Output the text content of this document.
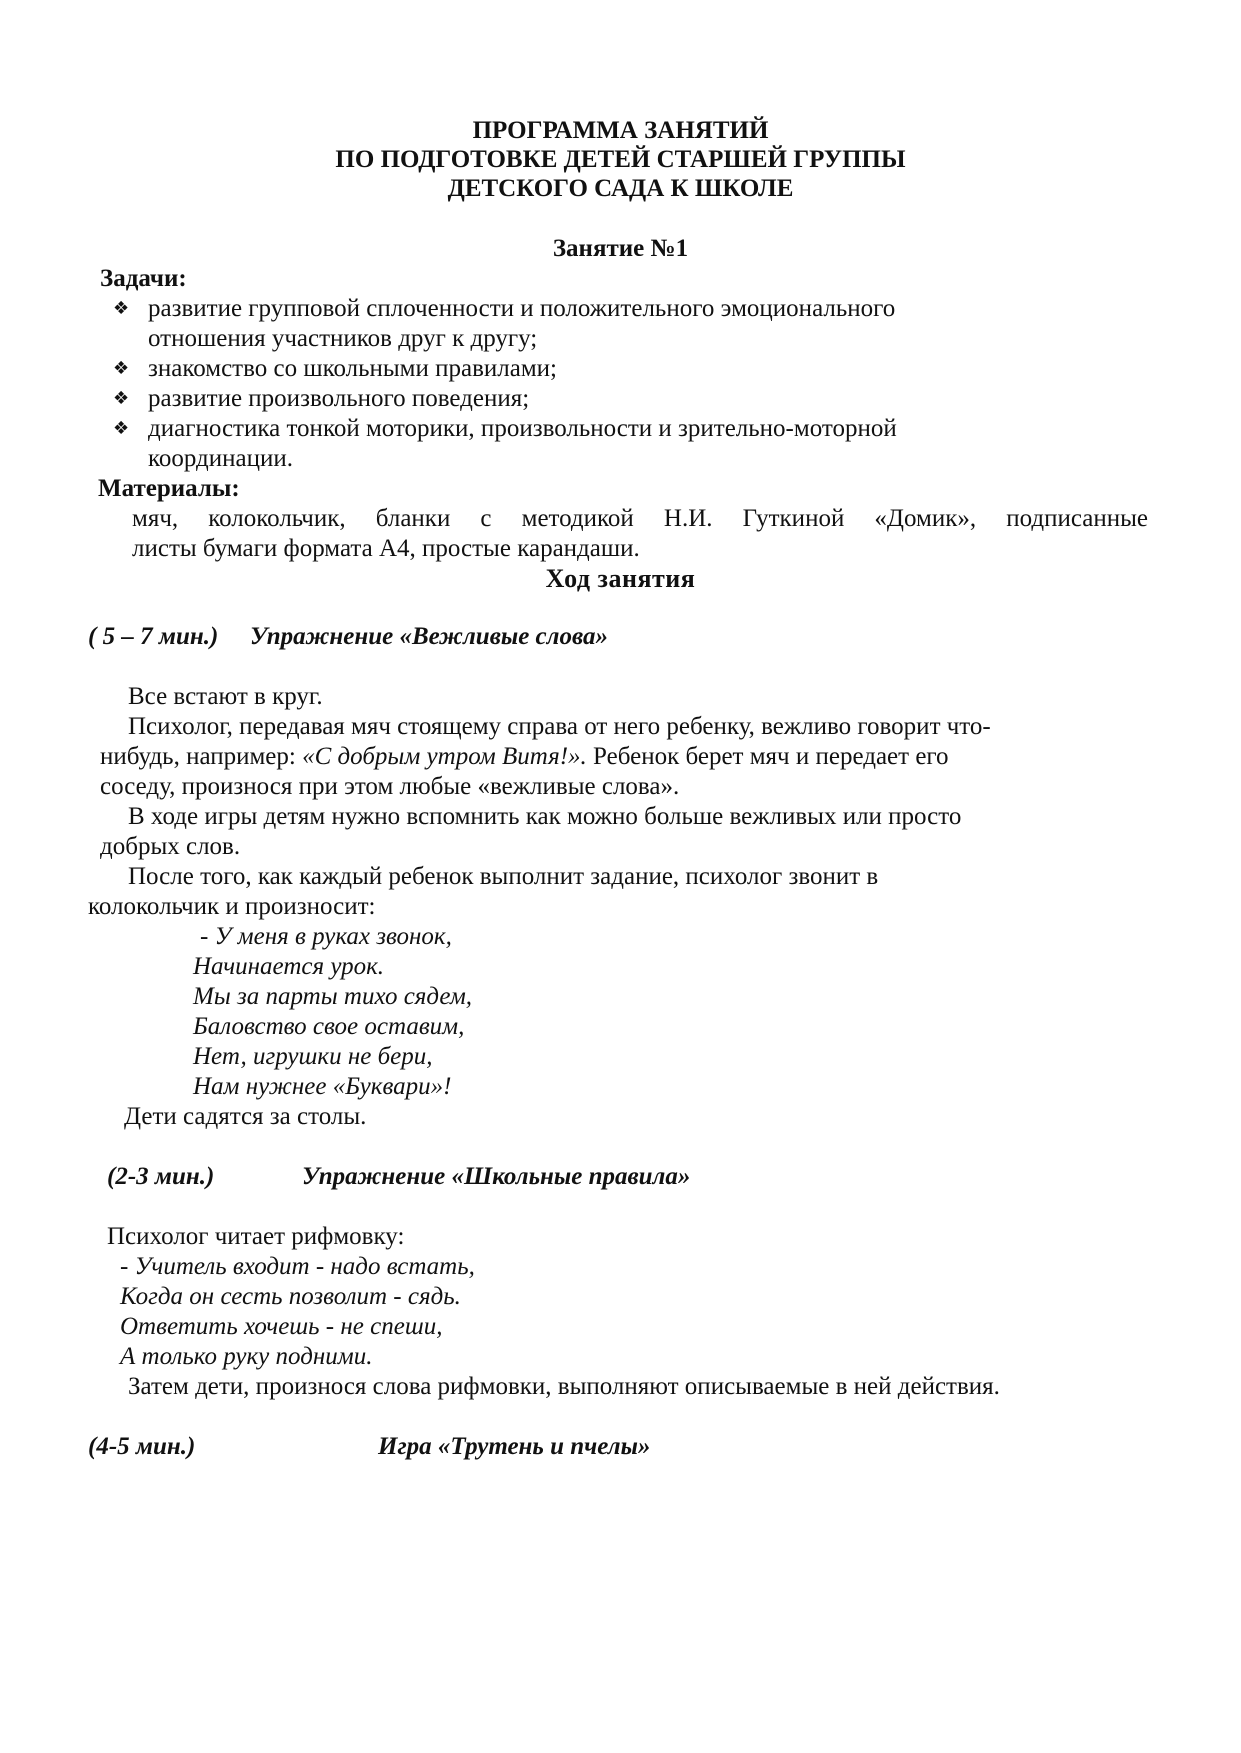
ПРОГРАММА ЗАНЯТИЙ
ПО ПОДГОТОВКЕ ДЕТЕЙ СТАРШЕЙ ГРУППЫ
ДЕТСКОГО САДА К ШКОЛЕ
Занятие №1
Задачи:
❖ развитие групповой сплоченности и положительного эмоционального
отношения участников друг к другу;
❖ знакомство со школьными правилами;
❖ развитие произвольного поведения;
❖ диагностика тонкой моторики, произвольности и зрительно-моторной
координации.
Материалы:
мяч, колокольчик, бланки с методикой Н.И. Гуткиной «Домик», подписанные
листы бумаги формата А4, простые карандаши.
Ход занятия
( 5 – 7 мин.) Упражнение «Вежливые слова»
Все встают в круг.
Психолог, передавая мяч стоящему справа от него ребенку, вежливо говорит что-
нибудь, например: «С добрым утром Витя!». Ребенок берет мяч и передает его
соседу, произнося при этом любые «вежливые слова».
В ходе игры детям нужно вспомнить как можно больше вежливых или просто
добрых слов.
После того, как каждый ребенок выполнит задание, психолог звонит в
колокольчик и произносит:
- У меня в руках звонок,
Начинается урок.
Мы за парты тихо сядем,
Баловство свое оставим,
Нет, игрушки не бери,
Нам нужнее «Буквари»!
Дети садятся за столы.
(2-3 мин.)	Упражнение «Школьные правила»
Психолог читает рифмовку:
- Учитель входит - надо встать,
Когда он сесть позволит - сядь.
Ответить хочешь - не спеши,
А только руку подними.
Затем дети, произнося слова рифмовки, выполняют описываемые в ней действия.
(4-5 мин.)	Игра «Трутень и пчелы»
